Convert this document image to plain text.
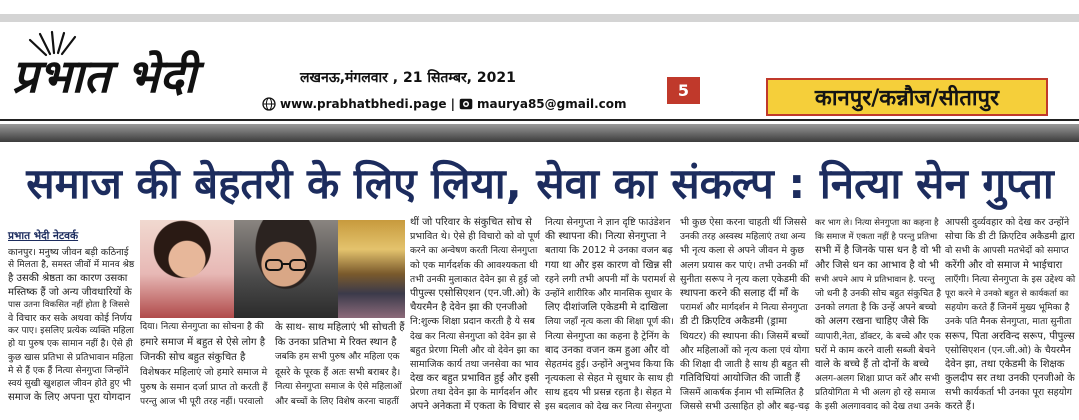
प्रभात भेदी	लखनऊ,मंगलवार , 21 सितम्बर, 2021
www.prabhatbhedi.page | maurya85@gmail.com
5	कानपुर/कन्नौज/सीतापुर
समाज की बेहतरी के लिए लिया, सेवा का संकल्प : नित्या सेन गुप्ता
प्रभात भेदी नेटवर्क
कानपुर। मनुष्य जीवन बड़ी कठिनाई
से मिलता है, समस्त जीवों में मानव श्रेष्ठ
है उसकी श्रेष्ठता का कारण उसका
मस्तिष्क हैं जो अन्य जीवधारियों के
पास उतना विकसित नहीं होता है जिससे
वे विचार कर सके अथवा कोई निर्णय
कर पाए। इसलिए प्रत्येक व्यक्ति महिला
हो या पुरुष एक सामान नहीं है। ऐसे ही
कुछ खास प्रतिभा से प्रतिभावान महिला
मे से हैं एक हैं नित्या सेनगुप्ता जिन्होंने
स्वयं सुखी खुशहाल जीवन होते हुए भी
समाज के लिए अपना पूरा योगदान
दिया। नित्या सेनगुप्ता का सोचना है की
हमारे समाज में बहुत से ऐसे लोग है
जिनकी सोच बहुत संकुचित है
विशेषकर महिलाएं जो हमारे समाज मे
पुरुष के समान दर्जा प्राप्त तो करती हैं
परन्तु आज भी पूरी तरह नहीं। परवालो
के साथ- साथ महिलाएं भी सोचती हैं
कि उनका प्रतिभा मे रिक्त स्थान है
जबकि हम सभी पुरुष और महिला एक
दूसरे के पूरक हैं अतः सभी बराबर है।
नित्या सेनगुप्ता समाज के ऐसे महिलाओं
और बच्चों के लिए विशेष करना चाहतीं
थीं जो परिवार के संकुचित सोच से
प्रभावित थे। ऐसे ही विचारो को वो पूर्ण
करने का अन्वेषण करती नित्या सेनगुप्ता
को एक मार्गदर्शक की आवश्यकता थी
तभी उनकी मुलाकात देवेन झा से हुई जो
पीपुल्स एसोसिएशन (एन.जी.ओ) के
चैयरमैन है देवेन झा की एनजीओ
नि:शुल्क शिक्षा प्रदान करती है ये सब
देख कर नित्या सेनगुप्ता को देवेन झा से
बहुत प्रेरणा मिली और वो देवेन झा का
सामाजिक कार्य तथा जनसेवा का भाव
देख कर बहुत प्रभावित हुई और इसी
प्रेरणा तथा देवेन झा के मार्गदर्शन और
अपने अनेकता में एकता के विचार से
नित्या सेनगुप्ता ने ज्ञान दृष्टि फाउंडेशन
की स्थापना की। नित्या सेनगुप्ता ने
बताया कि 2012 मे उनका वजन बढ़
गया था और इस कारण वो खिन्न सी
रहने लगी तभी अपनी माँ के परामर्श से
उन्होंने शारीरिक और मानसिक सुधार के
लिए दीशांजलि एकेडमी मे दाखिला
लिया जहाँ नृत्य कला की शिक्षा पूर्ण की।
नित्या सेनगुप्ता का कहना है ट्रेनिंग के
बाद उनका वजन कम हुआ और वो
सेहतमंद हुई। उन्होंने अनुभव किया कि
नृत्यकला से सेहत मे सुधार के साथ ही
साथ हृदय भी प्रसन्न रहता है। सेहत मे
इस बदलाव को देख कर नित्या सेनगुप्ता
भी कुछ ऐसा करना चाहती थीं जिससे
उनकी तरह अस्वस्थ महिलाएं तथा अन्य
भी नृत्य कला से अपने जीवन मे कुछ
अलग प्रयास कर पाएं। तभी उनकी माँ
सुनीता सरूप ने नृत्य कला एकेडमी की
स्थापना करने की सलाह दीं माँ के
परामर्श और मार्गदर्शन मे नित्या सेनगुप्ता
डी टी क्रिएटिव अकैडमी (ड्रामा
थियटर) की स्थापना की। जिसमें बच्चों
और महिलाओं को नृत्य कला एवं योगा
की शिक्षा दी जाती है साथ ही बहुत सी
गतिविधियां आयोजित की जाती हैं
जिसमें आकर्षक ईनाम भी सम्मिलित है
जिससे सभी उत्साहित हो और बढ़-चढ़
कर भाग ले। नित्या सेनगुप्ता का कहना है
कि समाज में एकता नहीं है परन्तु प्रतिभा
सभी में है जिनके पास धन है वो भी
और जिसे धन का आभाव है वो भी
सभी अपने आप मे प्रतिभावान है. परन्तु
जो धनी है उनकी सोच बहुत संकुचित है
उनको लगता है कि उन्हें अपने बच्चो
को अलग रखना चाहिए जैसे कि
व्यापारी,नेता, डॉक्टर, के बच्चे और एक
घरों मे काम करने वाली सब्जी बेचने
वाले के बच्चे हैं तो दोनों के बच्चे
अलग-अलग शिक्षा प्राप्त करें और सभी
प्रतियोगिता मे भी अलग हो रहे समाज
के इसी अलगाववाद को देख तथा उनके
आपसी दुर्व्यवहार को देख कर उन्होंने
सोचा कि डी टी क्रिएटिव अकैडमी द्वारा
वो सभी के आपसी मतभेदों को समाप्त
करेंगी और वो समाज मे भाईचारा
लाएँगी। नित्या सेनगुप्ता के इस उद्देश्य को
पूरा करने मे उनको बहुत से कार्यकर्ता का
सहयोग करते हैं जिनमें मुख्य भूमिका है
उनके पति मैनक सेनगुप्ता, माता सुनीता
सरूप, पिता अरविन्द सरूप, पीपुल्स
एसोसिएशन (एन.जी.ओ) के चैयरमैन
देवेन झा, तथा एकेडमी के शिक्षक
कुलदीप सर तथा उनकी एनजीओ के
सभी कार्यकर्ता भी उनका पूरा सहयोग
करते हैं।
